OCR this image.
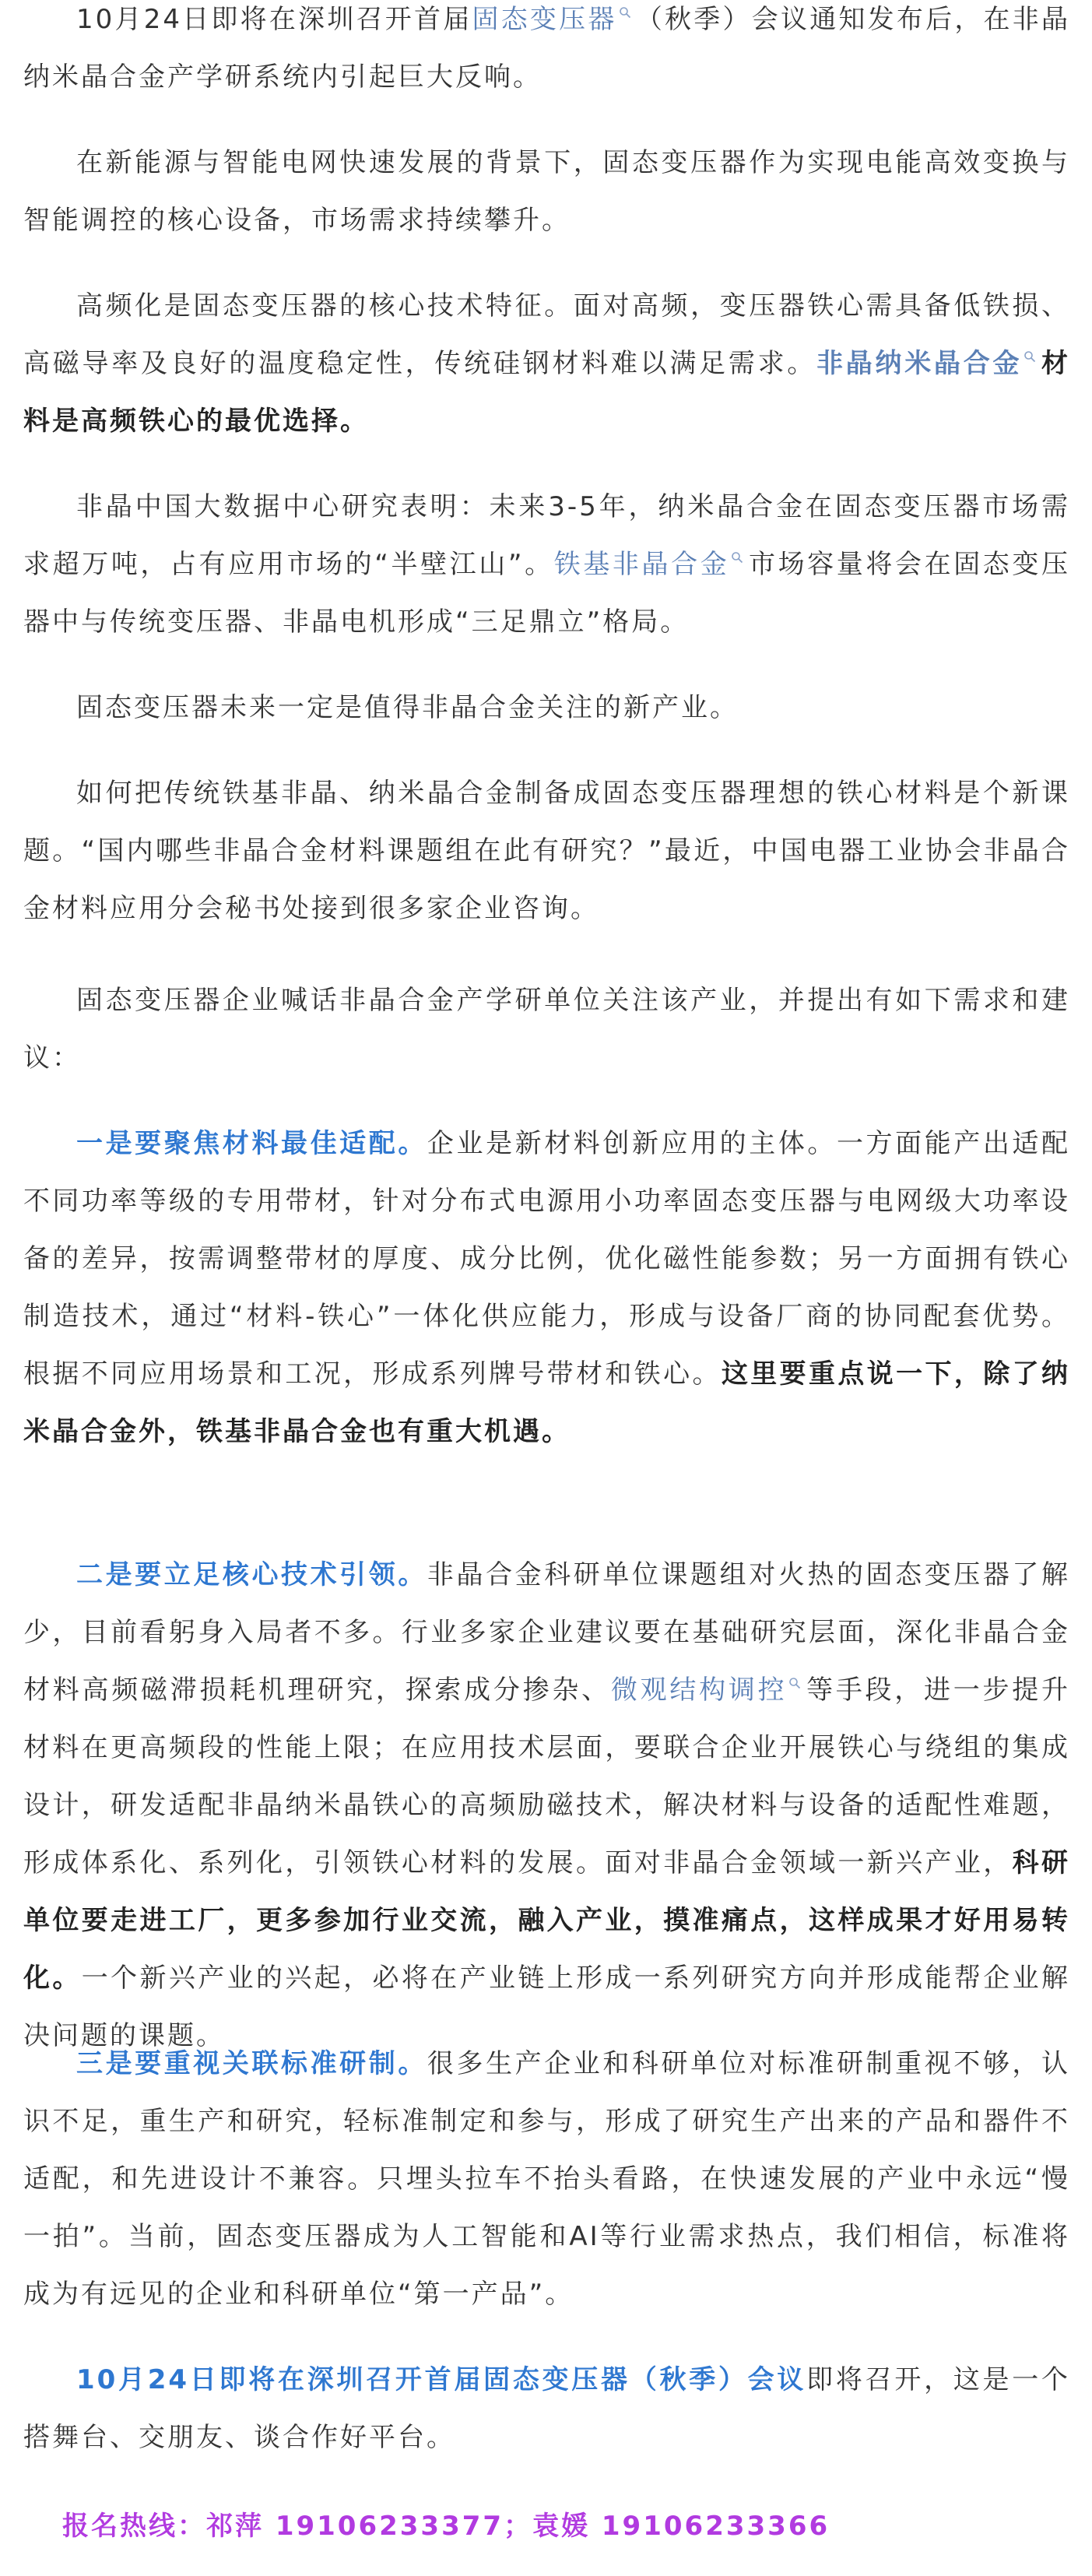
10月24日即将在深圳召开首届固态变压器 （秋季）会议通知发布后，在非晶纳米晶合金产学研系统内引起巨大反响。

在新能源与智能电网快速发展的背景下，固态变压器作为实现电能高效变换与智能调控的核心设备，市场需求持续攀升。

高频化是固态变压器的核心技术特征。面对高频，变压器铁心需具备低铁损、高磁导率及良好的温度稳定性，传统硅钢材料难以满足需求。非晶纳米晶合金 材料是高频铁心的最优选择。

非晶中国大数据中心研究表明：未来3-5年，纳米晶合金在固态变压器市场需求超万吨，占有应用市场的“半壁江山”。铁基非晶合金 市场容量将会在固态变压器中与传统变压器、非晶电机形成“三足鼎立”格局。

固态变压器未来一定是值得非晶合金关注的新产业。

如何把传统铁基非晶、纳米晶合金制备成固态变压器理想的铁心材料是个新课题。“国内哪些非晶合金材料课题组在此有研究？”最近，中国电器工业协会非晶合金材料应用分会秘书处接到很多家企业咨询。

固态变压器企业喊话非晶合金产学研单位关注该产业，并提出有如下需求和建议：

一是要聚焦材料最佳适配。企业是新材料创新应用的主体。一方面能产出适配不同功率等级的专用带材，针对分布式电源用小功率固态变压器与电网级大功率设备的差异，按需调整带材的厚度、成分比例，优化磁性能参数；另一方面拥有铁心制造技术，通过“材料-铁心”一体化供应能力，形成与设备厂商的协同配套优势。根据不同应用场景和工况，形成系列牌号带材和铁心。这里要重点说一下，除了纳米晶合金外，铁基非晶合金也有重大机遇。

二是要立足核心技术引领。非晶合金科研单位课题组对火热的固态变压器了解少，目前看躬身入局者不多。行业多家企业建议要在基础研究层面，深化非晶合金材料高频磁滞损耗机理研究，探索成分掺杂、微观结构调控 等手段，进一步提升材料在更高频段的性能上限；在应用技术层面，要联合企业开展铁心与绕组的集成设计，研发适配非晶纳米晶铁心的高频励磁技术，解决材料与设备的适配性难题，形成体系化、系列化，引领铁心材料的发展。面对非晶合金领域一新兴产业，科研单位要走进工厂，更多参加行业交流，融入产业，摸准痛点，这样成果才好用易转化。一个新兴产业的兴起，必将在产业链上形成一系列研究方向并形成能帮企业解决问题的课题。

三是要重视关联标准研制。很多生产企业和科研单位对标准研制重视不够，认识不足，重生产和研究，轻标准制定和参与，形成了研究生产出来的产品和器件不适配，和先进设计不兼容。只埋头拉车不抬头看路，在快速发展的产业中永远“慢一拍”。当前，固态变压器成为人工智能和AI等行业需求热点，我们相信，标准将成为有远见的企业和科研单位“第一产品”。

10月24日即将在深圳召开首届固态变压器（秋季）会议即将召开，这是一个搭舞台、交朋友、谈合作好平台。

报名热线：祁萍 19106233377；袁媛 19106233366
